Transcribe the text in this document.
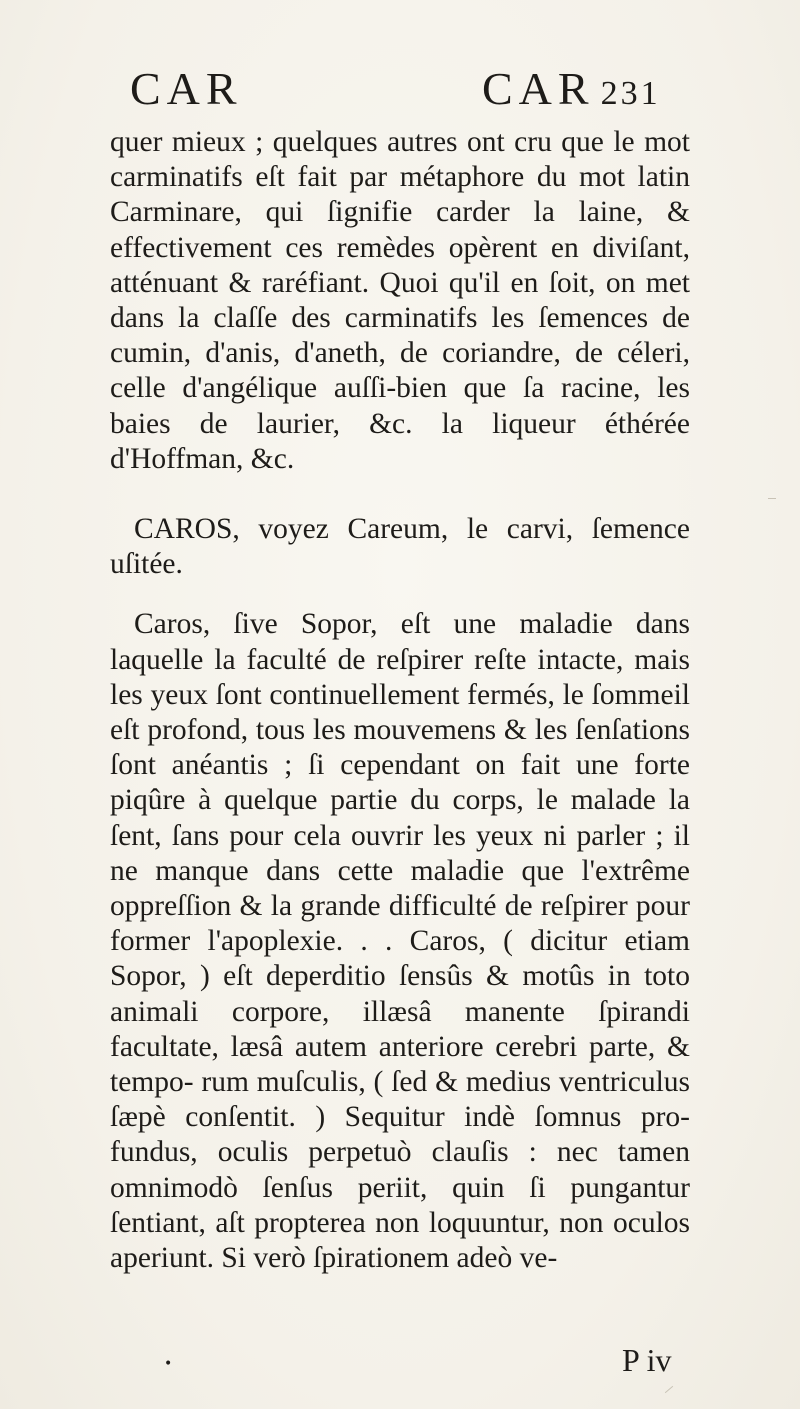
CAR	CAR 231

quer mieux ; quelques autres ont cru que le mot carminatifs eſt fait par métaphore du mot latin Carminare, qui ſignifie carder la laine, & effectivement ces remèdes opèrent en diviſant, atténuant & raréfiant. Quoi qu'il en ſoit, on met dans la claſſe des carminatifs les ſemences de cumin, d'anis, d'aneth, de coriandre, de céleri, celle d'angélique auſſi-bien que ſa racine, les baies de laurier, &c. la liqueur éthérée d'Hoffman, &c.

CAROS, voyez Careum, le carvi, ſemence uſitée.

Caros, ſive Sopor, eſt une maladie dans laquelle la faculté de reſpirer reſte intacte, mais les yeux ſont continuellement fermés, le ſommeil eſt profond, tous les mouvemens & les ſenſations ſont anéantis ; ſi cependant on fait une forte piqûre à quelque partie du corps, le malade la ſent, ſans pour cela ouvrir les yeux ni parler ; il ne manque dans cette maladie que l'extrême oppreſſion & la grande difficulté de reſpirer pour former l'apoplexie. . . Caros, ( dicitur etiam Sopor, ) eſt deperditio ſensûs & motûs in toto animali corpore, illæsâ manente ſpirandi facultate, læsâ autem anteriore cerebri parte, & tempo- rum muſculis, ( ſed & medius ventriculus ſæpè conſentit. ) Sequitur indè ſomnus pro- fundus, oculis perpetuò clauſis : nec tamen omnimodò ſenſus periit, quin ſi pungantur ſentiant, aſt propterea non loquuntur, non oculos aperiunt. Si verò ſpirationem adeò ve-

•	P iv
